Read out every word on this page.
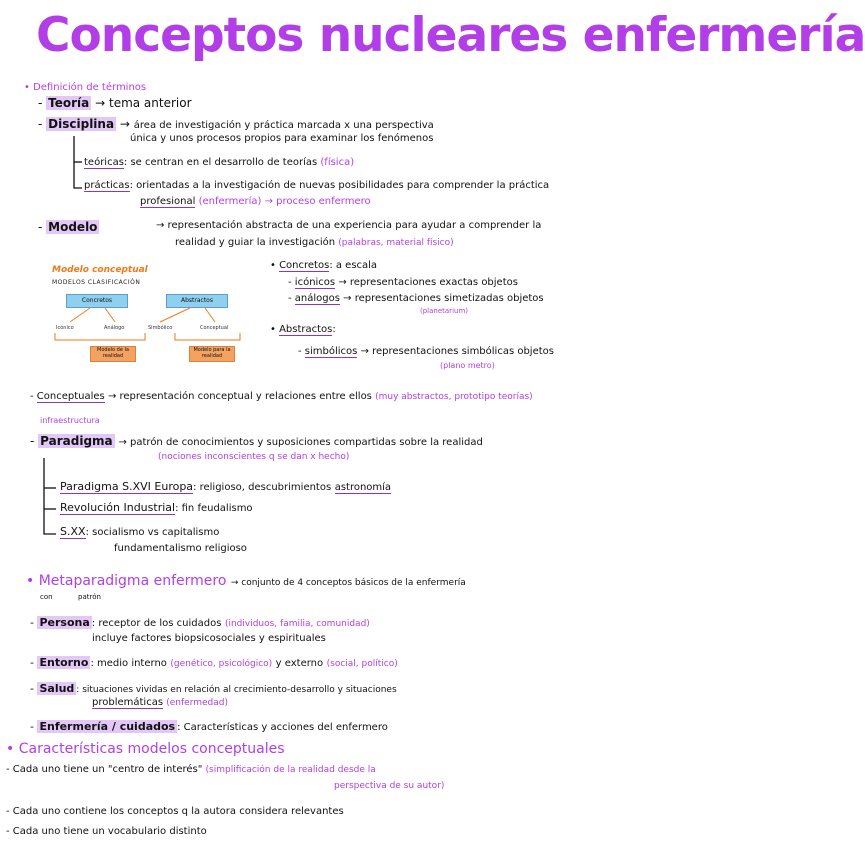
Conceptos nucleares enfermería
• Definición de términos
- Teoría → tema anterior
- Disciplina → área de investigación y práctica marcada x una perspectiva
única y unos procesos propios para examinar los fenómenos
teóricas: se centran en el desarrollo de teorías (física)
prácticas: orientadas a la investigación de nuevas posibilidades para comprender la práctica
profesional (enfermería) → proceso enfermero
- Modelo	→ representación abstracta de una experiencia para ayudar a comprender la
realidad y guiar la investigación (palabras, material físico)
Modelo conceptual
MODELOS CLASIFICACIÓN
Concretos	Abstractos
Icónico	Análogo	Simbólico	Conceptual
Modelo de la realidad
Modelo para la realidad
• Concretos: a escala
- icónicos → representaciones exactas objetos
- análogos → representaciones simetizadas objetos
(planetarium)
• Abstractos:
- simbólicos → representaciones simbólicas objetos
(plano metro)
- Conceptuales → representación conceptual y relaciones entre ellos (muy abstractos, prototipo teorías)
infraestructura
- Paradigma → patrón de conocimientos y suposiciones compartidas sobre la realidad
(nociones inconscientes q se dan x hecho)
Paradigma S.XVI Europa: religioso, descubrimientos astronomía
Revolución Industrial: fin feudalismo
S.XX: socialismo vs capitalismo
fundamentalismo religioso
• Metaparadigma enfermero → conjunto de 4 conceptos básicos de la enfermería
con	patrón
- Persona : receptor de los cuidados (individuos, familia, comunidad)
incluye factores biopsicosociales y espirituales
- Entorno : medio interno (genético, psicológico) y externo (social, político)
- Salud : situaciones vividas en relación al crecimiento-desarrollo y situaciones
problemáticas (enfermedad)
- Enfermería / cuidados : Características y acciones del enfermero
• Características modelos conceptuales
- Cada uno tiene un "centro de interés" (simplificación de la realidad desde la
perspectiva de su autor)
- Cada uno contiene los conceptos q la autora considera relevantes
- Cada uno tiene un vocabulario distinto
